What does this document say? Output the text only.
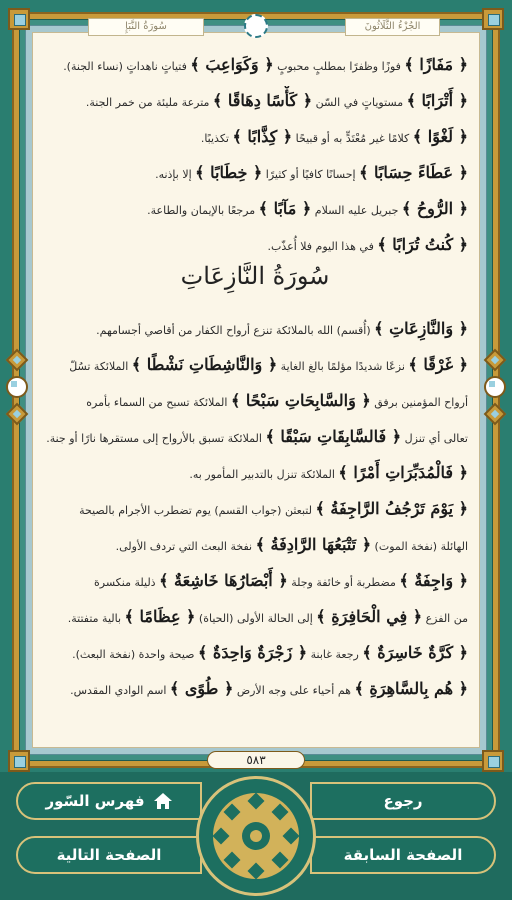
سُورَةُ النَّبَإِ	الجُزْءُ الثَّلَاثُونَ
﴿ مَفَازًا ﴾ فوزًا وظفرًا بمطلبٍ محبوبٍ ﴿ وَكَوَاعِبَ ﴾ فتياتٍ ناهداتٍ (نساء الجنة).
﴿ أَتْرَابًا ﴾ مستوياتٍ في السّن ﴿ كَأْسًا دِهَاقًا ﴾ مترعة مليئة من خمر الجنة.
﴿ لَغْوًا ﴾ كلامًا غير مُعْتَدٍّ به أو قبيحًا ﴿ كِذَّابًا ﴾ تكذيبًا.
﴿ عَطَاءً حِسَابًا ﴾ إحسانًا كافيًا أو كثيرًا ﴿ خِطَابًا ﴾ إلا بإذنه.
﴿ الرُّوحُ ﴾ جبريل عليه السلام ﴿ مَآبًا ﴾ مرجعًا بالإيمان والطاعة.
﴿ كُنتُ تُرَابًا ﴾ في هذا اليوم فلا أُعذّب.
﴿ وَالنَّازِعَاتِ ﴾ (أُقسم) الله بالملائكة تنزع أرواح الكفار من أقاصي أجسامهم.
﴿ غَرْقًا ﴾ نزعًا شديدًا مؤلمًا بالغ الغاية ﴿ وَالنَّاشِطَاتِ نَشْطًا ﴾ الملائكة تسُلّ
أرواح المؤمنين برفق ﴿ وَالسَّابِحَاتِ سَبْحًا ﴾ الملائكة تسبح من السماء بأمره
تعالى أي تنزل ﴿ فَالسَّابِقَاتِ سَبْقًا ﴾ الملائكة تسبق بالأرواح إلى مستقرها نارًا أو جنة.
﴿ فَالْمُدَبِّرَاتِ أَمْرًا ﴾ الملائكة تنزل بالتدبير المأمور به.
﴿ يَوْمَ تَرْجُفُ الرَّاجِفَةُ ﴾ لتبعثن (جواب القسم) يوم تضطرب الأجرام بالصيحة
الهائلة (نفخة الموت) ﴿ تَتْبَعُهَا الرَّادِفَةُ ﴾ نفخة البعث التي تردف الأولى.
﴿ وَاجِفَةٌ ﴾ مضطربة أو خائفة وجلة ﴿ أَبْصَارُهَا خَاشِعَةٌ ﴾ ذليلة منكسرة
من الفزع ﴿ فِي الْحَافِرَةِ ﴾ إلى الحالة الأولى (الحياة) ﴿ عِظَامًا ﴾ بالية متفتتة.
﴿ كَرَّةٌ خَاسِرَةٌ ﴾ رجعة غابنة ﴿ زَجْرَةٌ وَاحِدَةٌ ﴾ صيحة واحدة (نفخة البعث).
﴿ هُم بِالسَّاهِرَةِ ﴾ هم أحياء على وجه الأرض ﴿ طُوًى ﴾ اسم الوادي المقدس.
سُورَةُ النَّازِعَاتِ
٥٨٣
فهرس السّور	رجوع
الصفحة التالية	الصفحة السابقة
